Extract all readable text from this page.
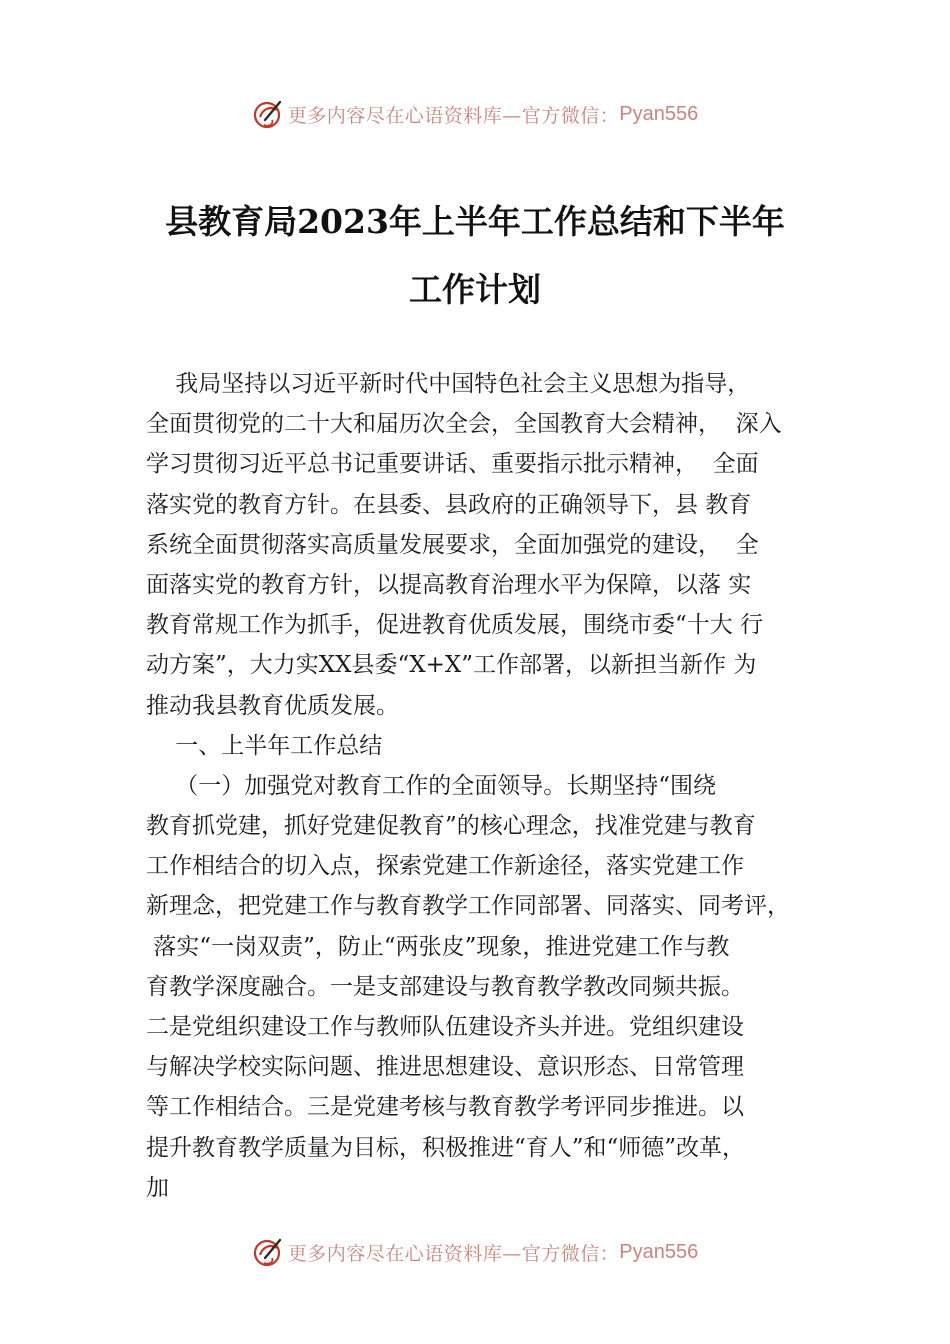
更多内容尽在心语资料库—官方微信： Pyan556
县教育局2023年上半年工作总结和下半年
工作计划
我局坚持以习近平新时代中国特色社会主义思想为指导，
全面贯彻党的二十大和届历次全会，全国教育大会精神，  深入
学习贯彻习近平总书记重要讲话、重要指示批示精神，  全面
落实党的教育方针。在县委、县政府的正确领导下，县 教育
系统全面贯彻落实高质量发展要求，全面加强党的建设，  全
面落实党的教育方针，以提高教育治理水平为保障，以落 实
教育常规工作为抓手，促进教育优质发展，围绕市委“十大 行
动方案”，大力实XX县委“X+X”工作部署，以新担当新作 为
推动我县教育优质发展。
一、上半年工作总结
（一）加强党对教育工作的全面领导。长期坚持“围绕
教育抓党建，抓好党建促教育”的核心理念，找准党建与教育
工作相结合的切入点，探索党建工作新途径，落实党建工作
新理念，把党建工作与教育教学工作同部署、同落实、同考评，
落实“一岗双责”，防止“两张皮”现象，推进党建工作与教
育教学深度融合。一是支部建设与教育教学教改同频共振。
二是党组织建设工作与教师队伍建设齐头并进。党组织建设
与解决学校实际问题、推进思想建设、意识形态、日常管理
等工作相结合。三是党建考核与教育教学考评同步推进。以
提升教育教学质量为目标，积极推进“育人”和“师德”改革，
加
更多内容尽在心语资料库—官方微信： Pyan556
